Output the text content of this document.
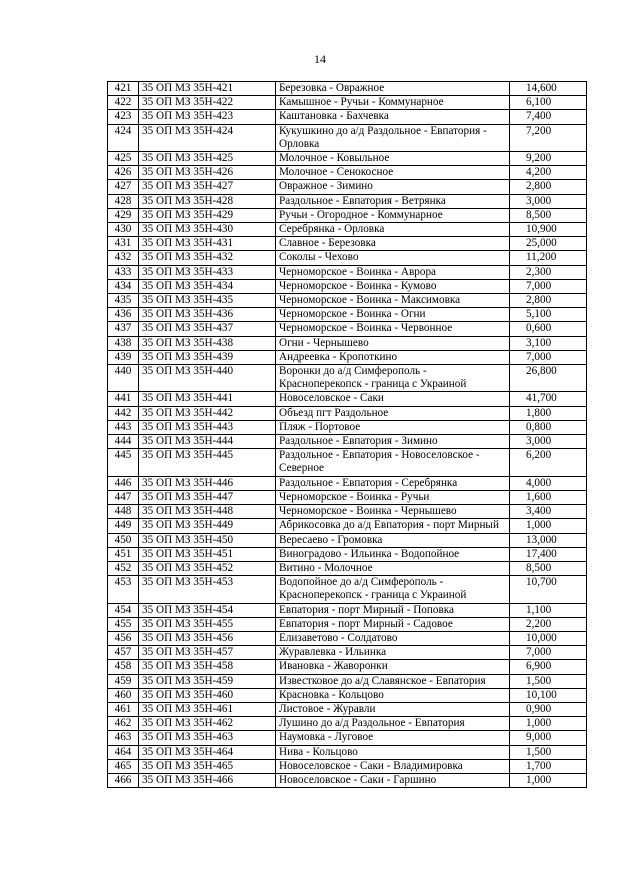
14
421	35 ОП МЗ 35Н-421	Березовка - Овражное	14,600
422	35 ОП МЗ 35Н-422	Камышное - Ручьи - Коммунарное	6,100
423	35 ОП МЗ 35Н-423	Каштановка - Бахчевка	7,400
424	35 ОП МЗ 35Н-424	Кукушкино до а/д Раздольное - Евпатория - Орловка	7,200
425	35 ОП МЗ 35Н-425	Молочное - Ковыльное	9,200
426	35 ОП МЗ 35Н-426	Молочное - Сенокосное	4,200
427	35 ОП МЗ 35Н-427	Овражное - Зимино	2,800
428	35 ОП МЗ 35Н-428	Раздольное - Евпатория - Ветрянка	3,000
429	35 ОП МЗ 35Н-429	Ручьи - Огородное - Коммунарное	8,500
430	35 ОП МЗ 35Н-430	Серебрянка - Орловка	10,900
431	35 ОП МЗ 35Н-431	Славное - Березовка	25,000
432	35 ОП МЗ 35Н-432	Соколы - Чехово	11,200
433	35 ОП МЗ 35Н-433	Черноморское - Воинка - Аврора	2,300
434	35 ОП МЗ 35Н-434	Черноморское - Воинка - Кумово	7,000
435	35 ОП МЗ 35Н-435	Черноморское - Воинка - Максимовка	2,800
436	35 ОП МЗ 35Н-436	Черноморское - Воинка - Огни	5,100
437	35 ОП МЗ 35Н-437	Черноморское - Воинка - Червонное	0,600
438	35 ОП МЗ 35Н-438	Огни - Чернышево	3,100
439	35 ОП МЗ 35Н-439	Андреевка - Кропоткино	7,000
440	35 ОП МЗ 35Н-440	Воронки до а/д Симферополь - Красноперекопск - граница с Украиной	26,800
441	35 ОП МЗ 35Н-441	Новоселовское - Саки	41,700
442	35 ОП МЗ 35Н-442	Объезд пгт Раздольное	1,800
443	35 ОП МЗ 35Н-443	Пляж - Портовое	0,800
444	35 ОП МЗ 35Н-444	Раздольное - Евпатория - Зимино	3,000
445	35 ОП МЗ 35Н-445	Раздольное - Евпатория - Новоселовское - Северное	6,200
446	35 ОП МЗ 35Н-446	Раздольное - Евпатория - Серебрянка	4,000
447	35 ОП МЗ 35Н-447	Черноморское - Воинка - Ручьи	1,600
448	35 ОП МЗ 35Н-448	Черноморское - Воинка - Чернышево	3,400
449	35 ОП МЗ 35Н-449	Абрикосовка до а/д Евпатория - порт Мирный	1,000
450	35 ОП МЗ 35Н-450	Вересаево - Громовка	13,000
451	35 ОП МЗ 35Н-451	Виноградово - Ильинка - Водопойное	17,400
452	35 ОП МЗ 35Н-452	Витино - Молочное	8,500
453	35 ОП МЗ 35Н-453	Водопойное до а/д Симферополь - Красноперекопск - граница с Украиной	10,700
454	35 ОП МЗ 35Н-454	Евпатория - порт Мирный - Поповка	1,100
455	35 ОП МЗ 35Н-455	Евпатория - порт Мирный - Садовое	2,200
456	35 ОП МЗ 35Н-456	Елизаветово - Солдатово	10,000
457	35 ОП МЗ 35Н-457	Журавлевка - Ильинка	7,000
458	35 ОП МЗ 35Н-458	Ивановка - Жаворонки	6,900
459	35 ОП МЗ 35Н-459	Известковое до а/д Славянское - Евпатория	1,500
460	35 ОП МЗ 35Н-460	Красновка - Кольцово	10,100
461	35 ОП МЗ 35Н-461	Листовое - Журавли	0,900
462	35 ОП МЗ 35Н-462	Лушино до а/д Раздольное - Евпатория	1,000
463	35 ОП МЗ 35Н-463	Наумовка - Луговое	9,000
464	35 ОП МЗ 35Н-464	Нива - Кольцово	1,500
465	35 ОП МЗ 35Н-465	Новоселовское - Саки - Владимировка	1,700
466	35 ОП МЗ 35Н-466	Новоселовское - Саки - Гаршино	1,000
